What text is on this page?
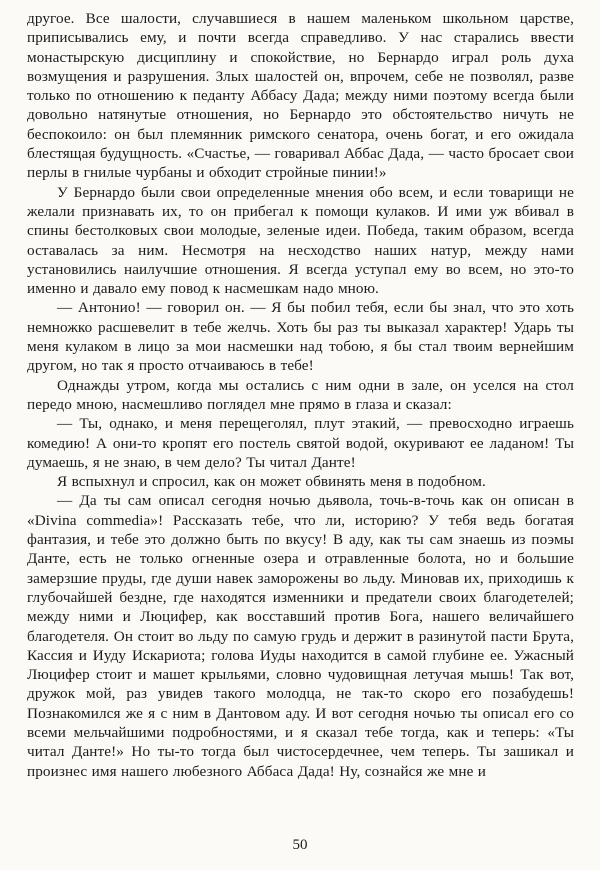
другое. Все шалости, случавшиеся в нашем маленьком школьном царстве, приписывались ему, и почти всегда справедливо. У нас старались ввести монастырскую дисциплину и спокойствие, но Бернардо играл роль духа возмущения и разрушения. Злых шалостей он, впрочем, себе не позволял, разве только по отношению к педанту Аббасу Дада; между ними поэтому всегда были довольно натянутые отношения, но Бернардо это обстоятельство ничуть не беспокоило: он был племянник римского сенатора, очень богат, и его ожидала блестящая будущность. «Счастье, — говаривал Аббас Дада, — часто бросает свои перлы в гнилые чурбаны и обходит стройные пинии!»

У Бернардо были свои определенные мнения обо всем, и если товарищи не желали признавать их, то он прибегал к помощи кулаков. И ими уж вбивал в спины бестолковых свои молодые, зеленые идеи. Победа, таким образом, всегда оставалась за ним. Несмотря на несходство наших натур, между нами установились наилучшие отношения. Я всегда уступал ему во всем, но это-то именно и давало ему повод к насмешкам надо мною.

— Антонио! — говорил он. — Я бы побил тебя, если бы знал, что это хоть немножко расшевелит в тебе желчь. Хоть бы раз ты выказал характер! Ударь ты меня кулаком в лицо за мои насмешки над тобою, я бы стал твоим вернейшим другом, но так я просто отчаиваюсь в тебе!

Однажды утром, когда мы остались с ним одни в зале, он уселся на стол передо мною, насмешливо поглядел мне прямо в глаза и сказал:

— Ты, однако, и меня перещеголял, плут этакий, — превосходно играешь комедию! А они-то кропят его постель святой водой, окуривают ее ладаном! Ты думаешь, я не знаю, в чем дело? Ты читал Данте!

Я вспыхнул и спросил, как он может обвинять меня в подобном.

— Да ты сам описал сегодня ночью дьявола, точь-в-точь как он описан в «Divina commedia»! Рассказать тебе, что ли, историю? У тебя ведь богатая фантазия, и тебе это должно быть по вкусу! В аду, как ты сам знаешь из поэмы Данте, есть не только огненные озера и отравленные болота, но и большие замерзшие пруды, где души навек заморожены во льду. Миновав их, приходишь к глубочайшей бездне, где находятся изменники и предатели своих благодетелей; между ними и Люцифер, как восставший против Бога, нашего величайшего благодетеля. Он стоит во льду по самую грудь и держит в разинутой пасти Брута, Кассия и Иуду Искариота; голова Иуды находится в самой глубине ее. Ужасный Люцифер стоит и машет крыльями, словно чудовищная летучая мышь! Так вот, дружок мой, раз увидев такого молодца, не так-то скоро его позабудешь! Познакомился же я с ним в Дантовом аду. И вот сегодня ночью ты описал его со всеми мельчайшими подробностями, и я сказал тебе тогда, как и теперь: «Ты читал Данте!» Но ты-то тогда был чистосердечнее, чем теперь. Ты зашикал и произнес имя нашего любезного Аббаса Дада! Ну, сознайся же мне и

50
